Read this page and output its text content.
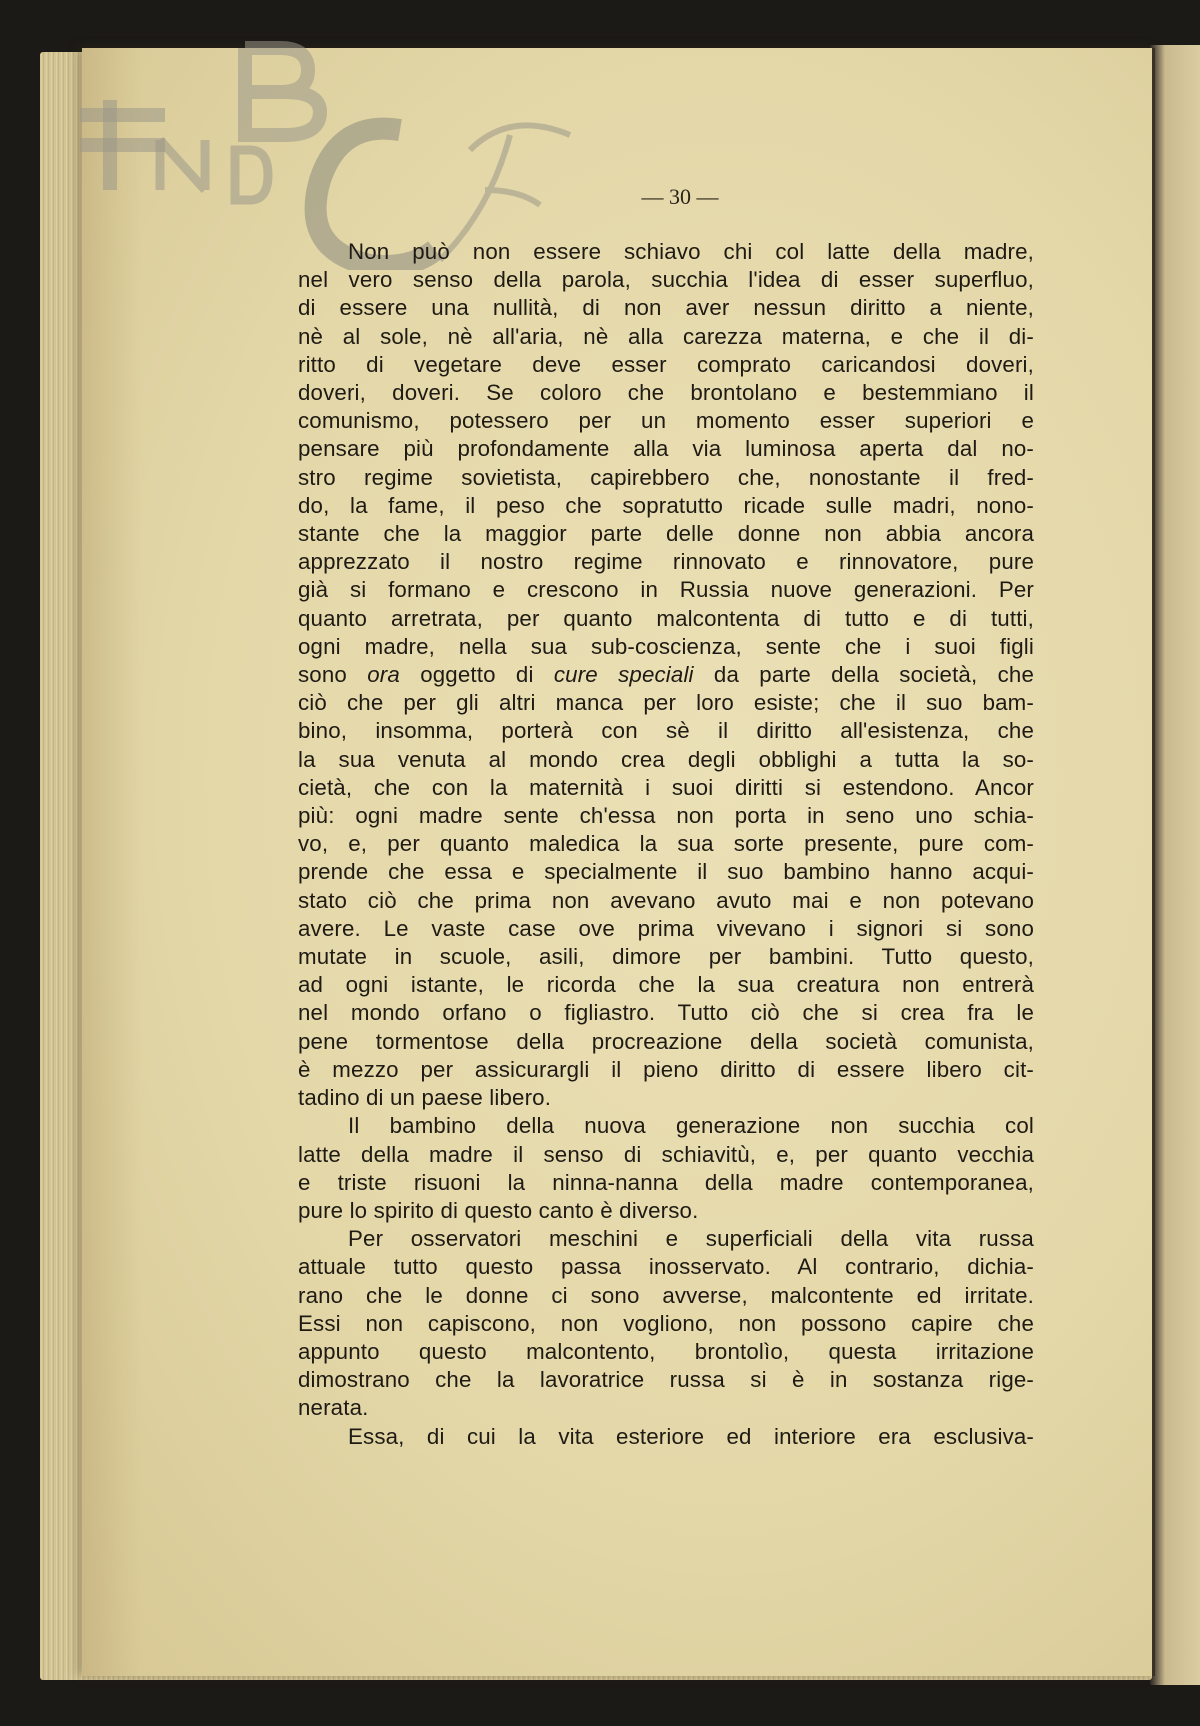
BNCF
— 30 —
Non può non essere schiavo chi col latte della madre,
nel vero senso della parola, succhia l'idea di esser superfluo,
di essere una nullità, di non aver nessun diritto a niente,
nè al sole, nè all'aria, nè alla carezza materna, e che il di-
ritto di vegetare deve esser comprato caricandosi doveri,
doveri, doveri. Se coloro che brontolano e bestemmiano il
comunismo, potessero per un momento esser superiori e
pensare più profondamente alla via luminosa aperta dal no-
stro regime sovietista, capirebbero che, nonostante il fred-
do, la fame, il peso che sopratutto ricade sulle madri, nono-
stante che la maggior parte delle donne non abbia ancora
apprezzato il nostro regime rinnovato e rinnovatore, pure
già si formano e crescono in Russia nuove generazioni. Per
quanto arretrata, per quanto malcontenta di tutto e di tutti,
ogni madre, nella sua sub-coscienza, sente che i suoi figli
sono ora oggetto di cure speciali da parte della società, che
ciò che per gli altri manca per loro esiste; che il suo bam-
bino, insomma, porterà con sè il diritto all'esistenza, che
la sua venuta al mondo crea degli obblighi a tutta la so-
cietà, che con la maternità i suoi diritti si estendono. Ancor
più: ogni madre sente ch'essa non porta in seno uno schia-
vo, e, per quanto maledica la sua sorte presente, pure com-
prende che essa e specialmente il suo bambino hanno acqui-
stato ciò che prima non avevano avuto mai e non potevano
avere. Le vaste case ove prima vivevano i signori si sono
mutate in scuole, asili, dimore per bambini. Tutto questo,
ad ogni istante, le ricorda che la sua creatura non entrerà
nel mondo orfano o figliastro. Tutto ciò che si crea fra le
pene tormentose della procreazione della società comunista,
è mezzo per assicurargli il pieno diritto di essere libero cit-
tadino di un paese libero.
Il bambino della nuova generazione non succhia col
latte della madre il senso di schiavitù, e, per quanto vecchia
e triste risuoni la ninna-nanna della madre contemporanea,
pure lo spirito di questo canto è diverso.
Per osservatori meschini e superficiali della vita russa
attuale tutto questo passa inosservato. Al contrario, dichia-
rano che le donne ci sono avverse, malcontente ed irritate.
Essi non capiscono, non vogliono, non possono capire che
appunto questo malcontento, brontolìo, questa irritazione
dimostrano che la lavoratrice russa si è in sostanza rige-
nerata.
Essa, di cui la vita esteriore ed interiore era esclusiva-
